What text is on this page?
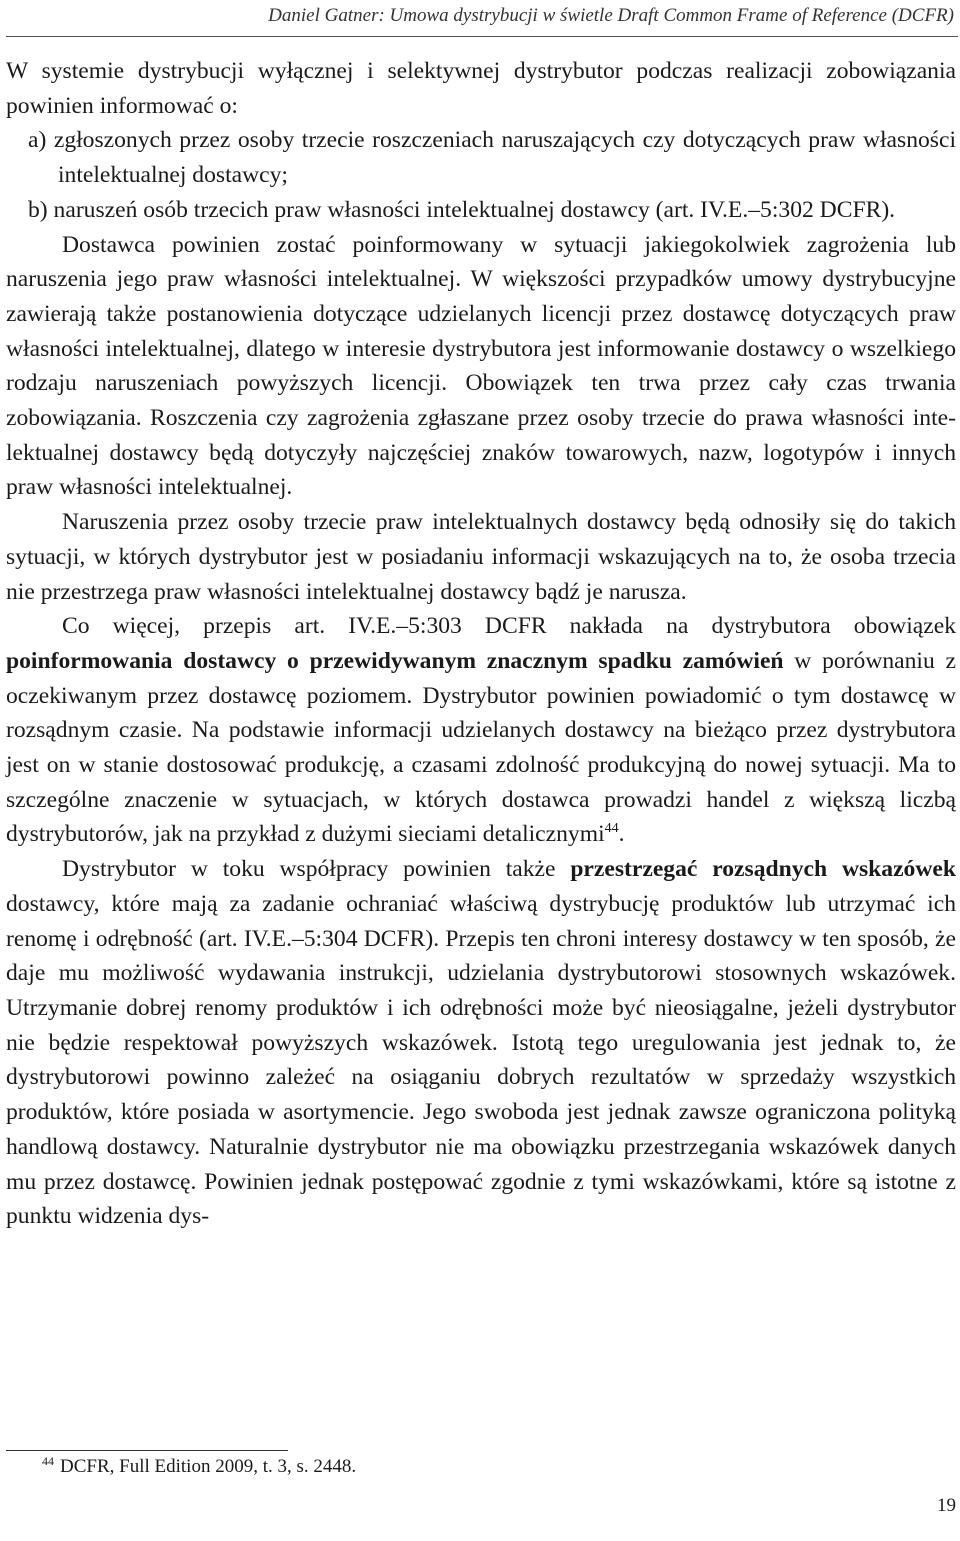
Daniel Gatner: Umowa dystrybucji w świetle Draft Common Frame of Reference (DCFR)

W systemie dystrybucji wyłącznej i selektywnej dystrybutor podczas realizacji zobowiązania powinien informować o:

a) zgłoszonych przez osoby trzecie roszczeniach naruszających czy dotyczących praw własności intelektualnej dostawcy;

b) naruszeń osób trzecich praw własności intelektualnej dostawcy (art. IV.E.–5:302 DCFR).

Dostawca powinien zostać poinformowany w sytuacji jakiegokolwiek zagrożenia lub naruszenia jego praw własności intelektualnej. W większości przypadków umowy dystrybucyjne zawierają także postanowienia dotyczące udzielanych licencji przez dostawcę dotyczących praw własności intelektualnej, dlatego w interesie dystrybutora jest informowanie dostawcy o wszelkiego rodzaju naruszeniach powyższych licencji. Obowiązek ten trwa przez cały czas trwania zobowiązania. Roszczenia czy zagrożenia zgłaszane przez osoby trzecie do prawa własności intelektualnej dostawcy będą dotyczyły najczęściej znaków towarowych, nazw, logotypów i innych praw własności intelektualnej.

Naruszenia przez osoby trzecie praw intelektualnych dostawcy będą odnosiły się do takich sytuacji, w których dystrybutor jest w posiadaniu informacji wskazujących na to, że osoba trzecia nie przestrzega praw własności intelektualnej dostawcy bądź je narusza.

Co więcej, przepis art. IV.E.–5:303 DCFR nakłada na dystrybutora obowiązek poinformowania dostawcy o przewidywanym znacznym spadku zamówień w porównaniu z oczekiwanym przez dostawcę poziomem. Dystrybutor powinien powiadomić o tym dostawcę w rozsądnym czasie. Na podstawie informacji udzielanych dostawcy na bieżąco przez dystrybutora jest on w stanie dostosować produkcję, a czasami zdolność produkcyjną do nowej sytuacji. Ma to szczególne znaczenie w sytuacjach, w których dostawca prowadzi handel z większą liczbą dystrybutorów, jak na przykład z dużymi sieciami detalicznymi$^{44}$.

Dystrybutor w toku współpracy powinien także przestrzegać rozsądnych wskazówek dostawcy, które mają za zadanie ochraniać właściwą dystrybucję produktów lub utrzymać ich renomę i odrębność (art. IV.E.–5:304 DCFR). Przepis ten chroni interesy dostawcy w ten sposób, że daje mu możliwość wydawania instrukcji, udzielania dystrybutorowi stosownych wskazówek. Utrzymanie dobrej renomy produktów i ich odrębności może być nieosiągalne, jeżeli dystrybutor nie będzie respektował powyższych wskazówek. Istotą tego uregulowania jest jednak to, że dystrybutorowi powinno zależeć na osiąganiu dobrych rezultatów w sprzedaży wszystkich produktów, które posiada w asortymencie. Jego swoboda jest jednak zawsze ograniczona polityką handlową dostawcy. Naturalnie dystrybutor nie ma obowiązku przestrzegania wskazówek danych mu przez dostawcę. Powinien jednak postępować zgodnie z tymi wskazówkami, które są istotne z punktu widzenia dys-

$^{44}$ DCFR, Full Edition 2009, t. 3, s. 2448.
19
